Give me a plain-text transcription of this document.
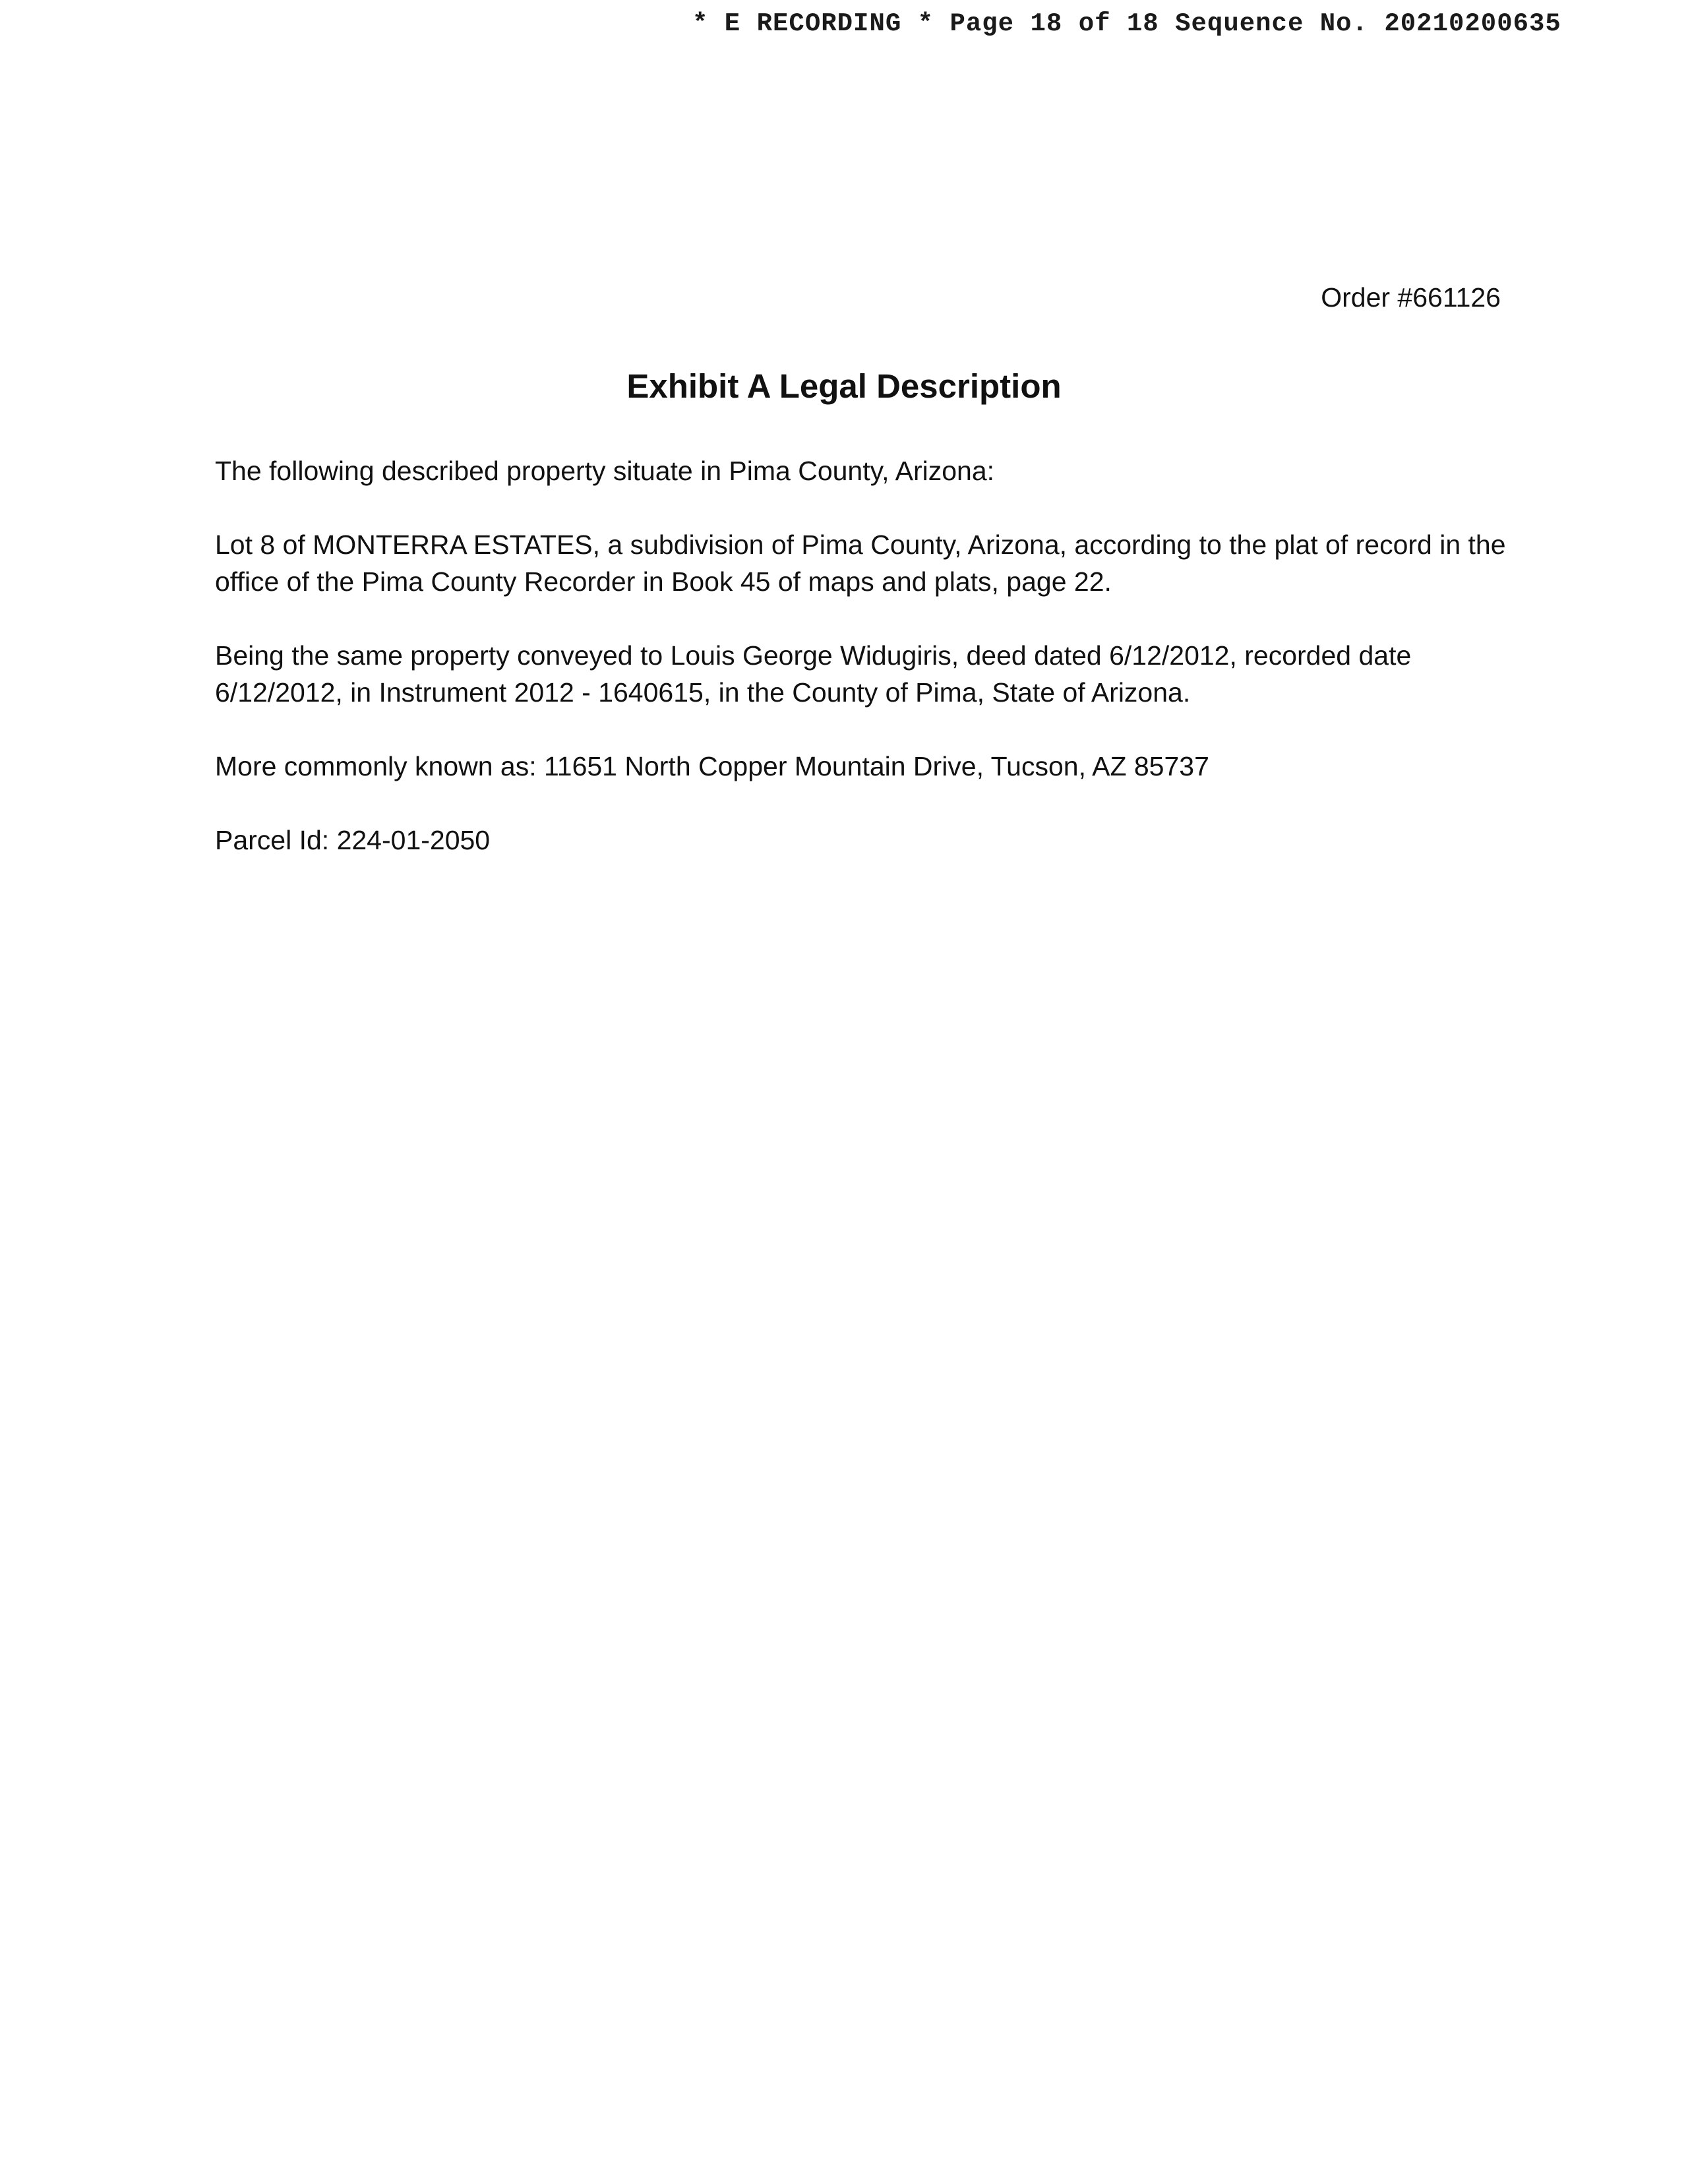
* E RECORDING * Page 18 of 18 Sequence No. 20210200635
Order #661126
Exhibit A Legal Description

The following described property situate in Pima County, Arizona:

Lot 8 of MONTERRA ESTATES, a subdivision of Pima County, Arizona, according to the plat of record in the office of the Pima County Recorder in Book 45 of maps and plats, page 22.

Being the same property conveyed to Louis George Widugiris, deed dated 6/12/2012, recorded date 6/12/2012, in Instrument 2012 - 1640615, in the County of Pima, State of Arizona.

More commonly known as: 11651 North Copper Mountain Drive, Tucson, AZ 85737

Parcel Id: 224-01-2050
